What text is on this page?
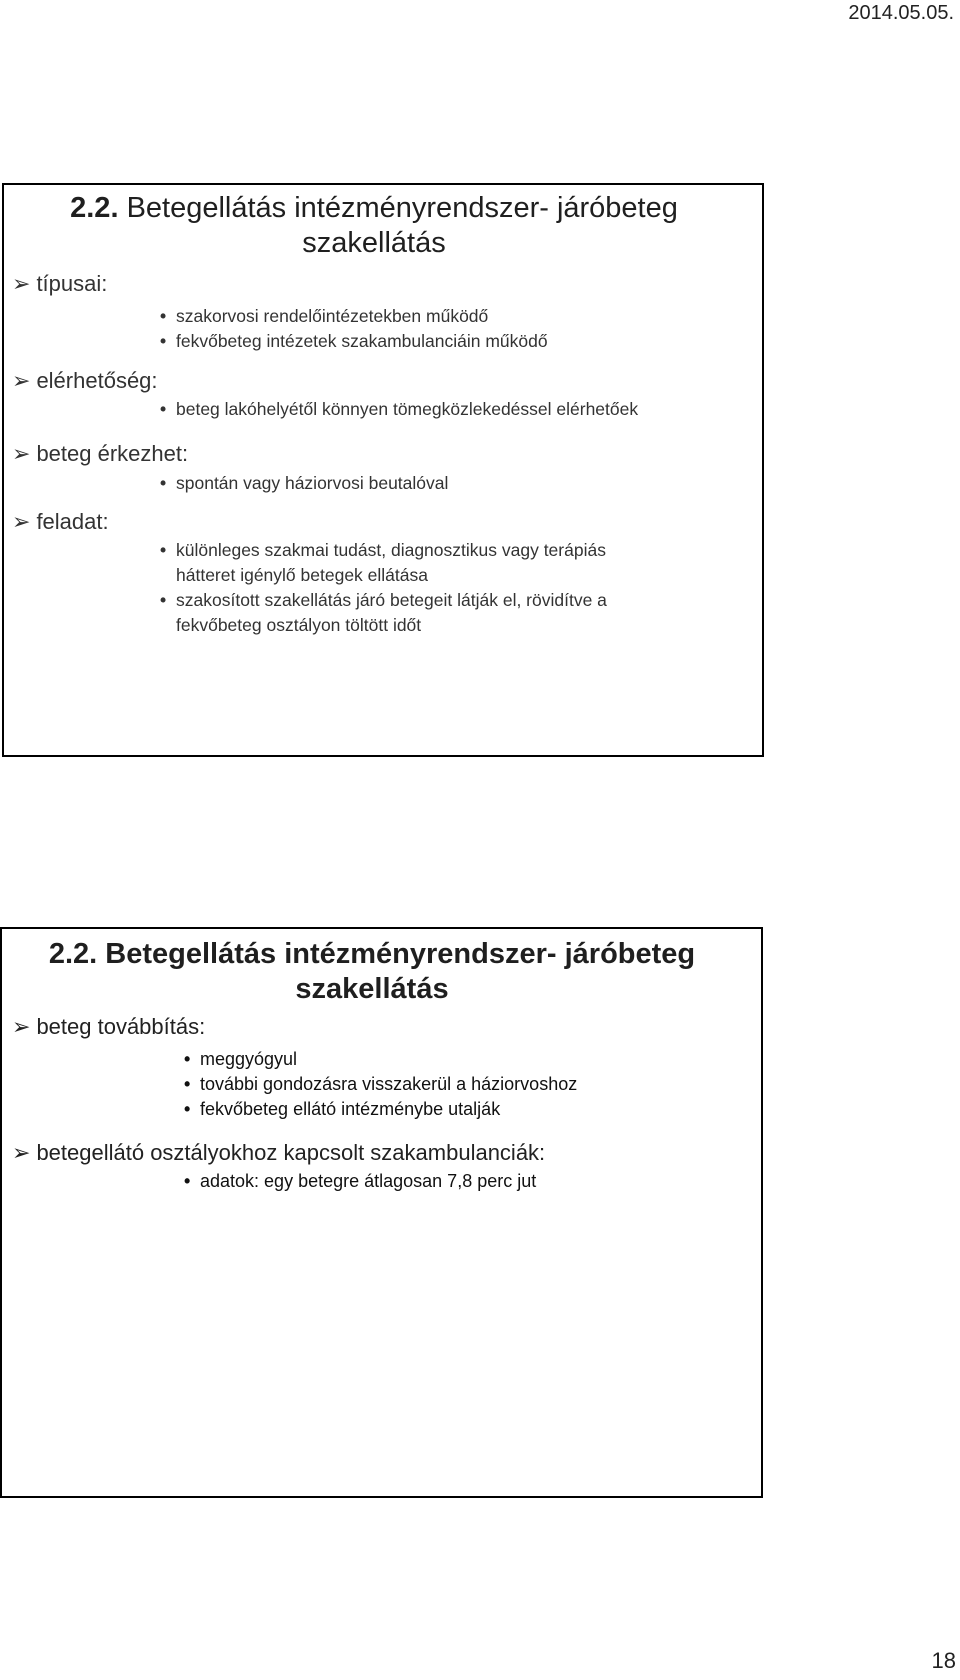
2014.05.05.
2.2. Betegellátás intézményrendszer- járóbeteg
szakellátás
➢ típusai:
• szakorvosi rendelőintézetekben működő
• fekvőbeteg intézetek szakambulanciáin működő
➢ elérhetőség:
• beteg lakóhelyétől könnyen tömegközlekedéssel elérhetőek
➢ beteg érkezhet:
• spontán vagy háziorvosi beutalóval
➢ feladat:
• különleges szakmai tudást, diagnosztikus vagy terápiás
hátteret igénylő betegek ellátása
• szakosított szakellátás járó betegeit látják el, rövidítve a
fekvőbeteg osztályon töltött időt
2.2. Betegellátás intézményrendszer- járóbeteg
szakellátás
➢ beteg továbbítás:
• meggyógyul
• további gondozásra visszakerül a háziorvoshoz
• fekvőbeteg ellátó intézménybe utalják
➢ betegellátó osztályokhoz kapcsolt szakambulanciák:
• adatok: egy betegre átlagosan 7,8 perc jut
18
